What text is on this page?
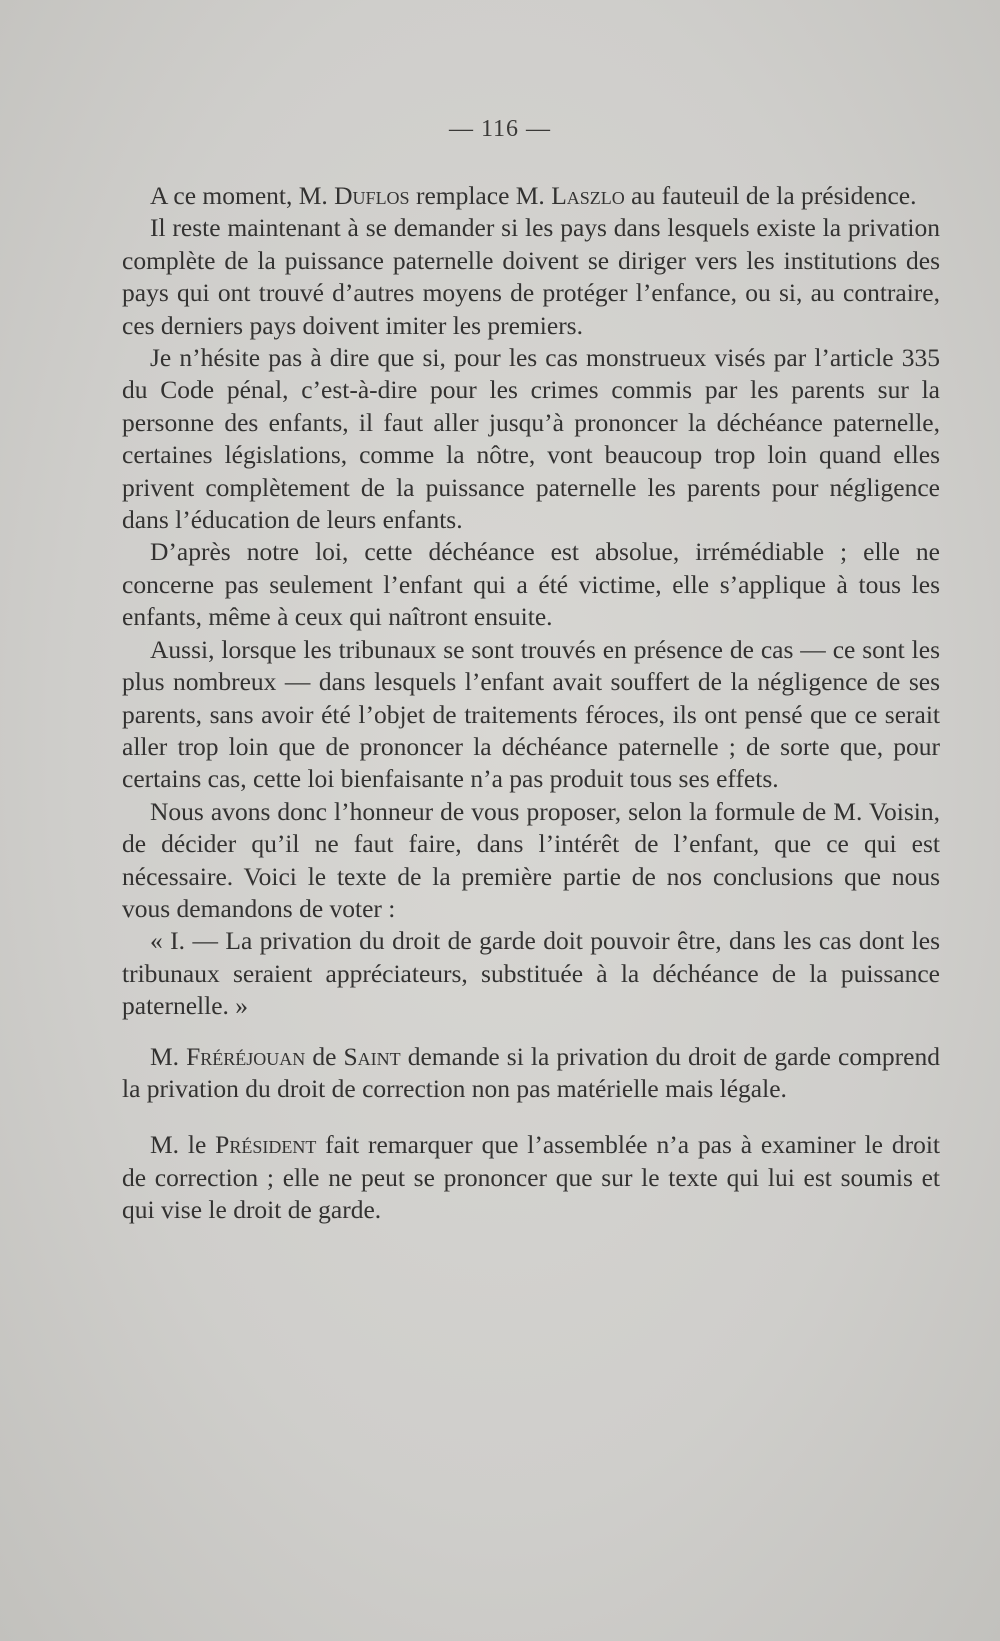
— 116 —

A ce moment, M. Duflos remplace M. Laszlo au fauteuil de la présidence.

Il reste maintenant à se demander si les pays dans lesquels existe la privation complète de la puissance paternelle doivent se diriger vers les institutions des pays qui ont trouvé d’autres moyens de protéger l’enfance, ou si, au contraire, ces derniers pays doivent imiter les premiers.

Je n’hésite pas à dire que si, pour les cas monstrueux visés par l’article 335 du Code pénal, c’est-à-dire pour les crimes commis par les parents sur la personne des enfants, il faut aller jusqu’à prononcer la déchéance paternelle, certaines législations, comme la nôtre, vont beaucoup trop loin quand elles privent complètement de la puissance paternelle les parents pour négligence dans l’éducation de leurs enfants.

D’après notre loi, cette déchéance est absolue, irrémédiable ; elle ne concerne pas seulement l’enfant qui a été victime, elle s’applique à tous les enfants, même à ceux qui naîtront ensuite.

Aussi, lorsque les tribunaux se sont trouvés en présence de cas — ce sont les plus nombreux — dans lesquels l’enfant avait souffert de la négligence de ses parents, sans avoir été l’objet de traitements féroces, ils ont pensé que ce serait aller trop loin que de prononcer la déchéance paternelle ; de sorte que, pour certains cas, cette loi bienfaisante n’a pas produit tous ses effets.

Nous avons donc l’honneur de vous proposer, selon la formule de M. Voisin, de décider qu’il ne faut faire, dans l’intérêt de l’enfant, que ce qui est nécessaire. Voici le texte de la première partie de nos conclusions que nous vous demandons de voter :

« I. — La privation du droit de garde doit pouvoir être, dans les cas dont les tribunaux seraient appréciateurs, substituée à la déchéance de la puissance paternelle. »

M. Fréréjouan de Saint demande si la privation du droit de garde comprend la privation du droit de correction non pas matérielle mais légale.

M. le Président fait remarquer que l’assemblée n’a pas à examiner le droit de correction ; elle ne peut se prononcer que sur le texte qui lui est soumis et qui vise le droit de garde.
